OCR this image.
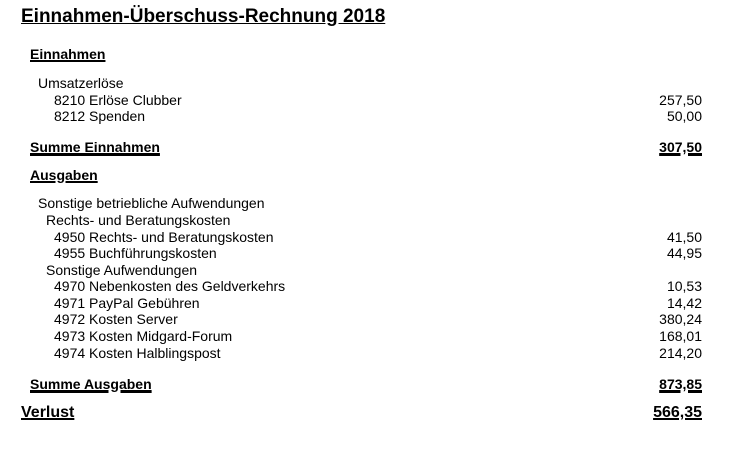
Einnahmen-Überschuss-Rechnung 2018
Einnahmen
Umsatzerlöse
8210 Erlöse Clubber	257,50
8212 Spenden	50,00
Summe Einnahmen	307,50
Ausgaben
Sonstige betriebliche Aufwendungen
Rechts- und Beratungskosten
4950 Rechts- und Beratungskosten	41,50
4955 Buchführungskosten	44,95
Sonstige Aufwendungen
4970 Nebenkosten des Geldverkehrs	10,53
4971 PayPal Gebühren	14,42
4972 Kosten Server	380,24
4973 Kosten Midgard-Forum	168,01
4974 Kosten Halblingspost	214,20
Summe Ausgaben	873,85
Verlust	566,35
